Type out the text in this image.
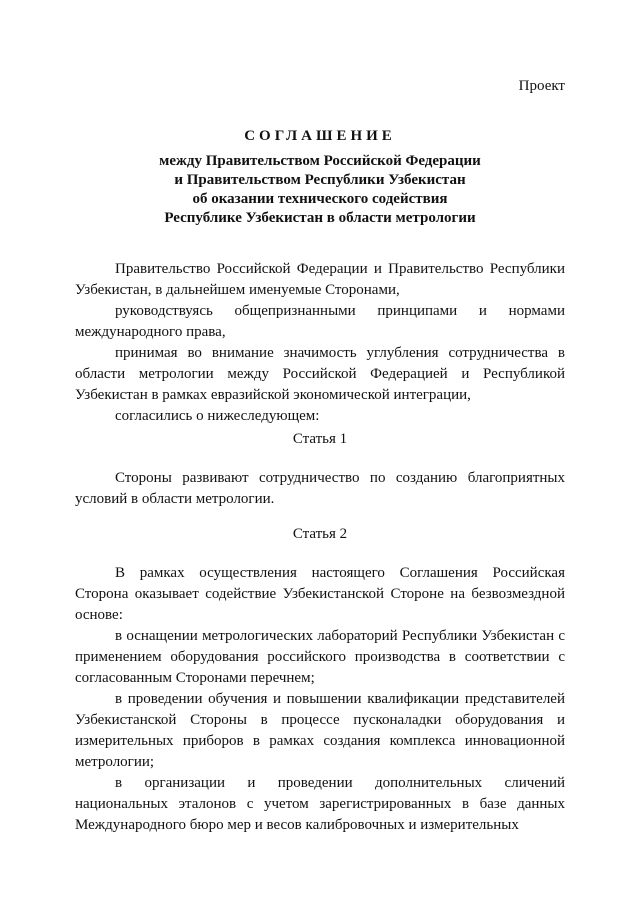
Проект
СОГЛАШЕНИЕ
между Правительством Российской Федерации
и Правительством Республики Узбекистан
об оказании технического содействия
Республике Узбекистан в области метрологии

Правительство Российской Федерации и Правительство Республики Узбекистан, в дальнейшем именуемые Сторонами,

руководствуясь общепризнанными принципами и нормами международного права,

принимая во внимание значимость углубления сотрудничества в области метрологии между Российской Федерацией и Республикой Узбекистан в рамках евразийской экономической интеграции,

согласились о нижеследующем:

Статья 1

Стороны развивают сотрудничество по созданию благоприятных условий в области метрологии.

Статья 2

В рамках осуществления настоящего Соглашения Российская Сторона оказывает содействие Узбекистанской Стороне на безвозмездной основе:

в оснащении метрологических лабораторий Республики Узбекистан с применением оборудования российского производства в соответствии с согласованным Сторонами перечнем;

в проведении обучения и повышении квалификации представителей Узбекистанской Стороны в процессе пусконаладки оборудования и измерительных приборов в рамках создания комплекса инновационной метрологии;

в организации и проведении дополнительных сличений национальных эталонов с учетом зарегистрированных в базе данных Международного бюро мер и весов калибровочных и измерительных
